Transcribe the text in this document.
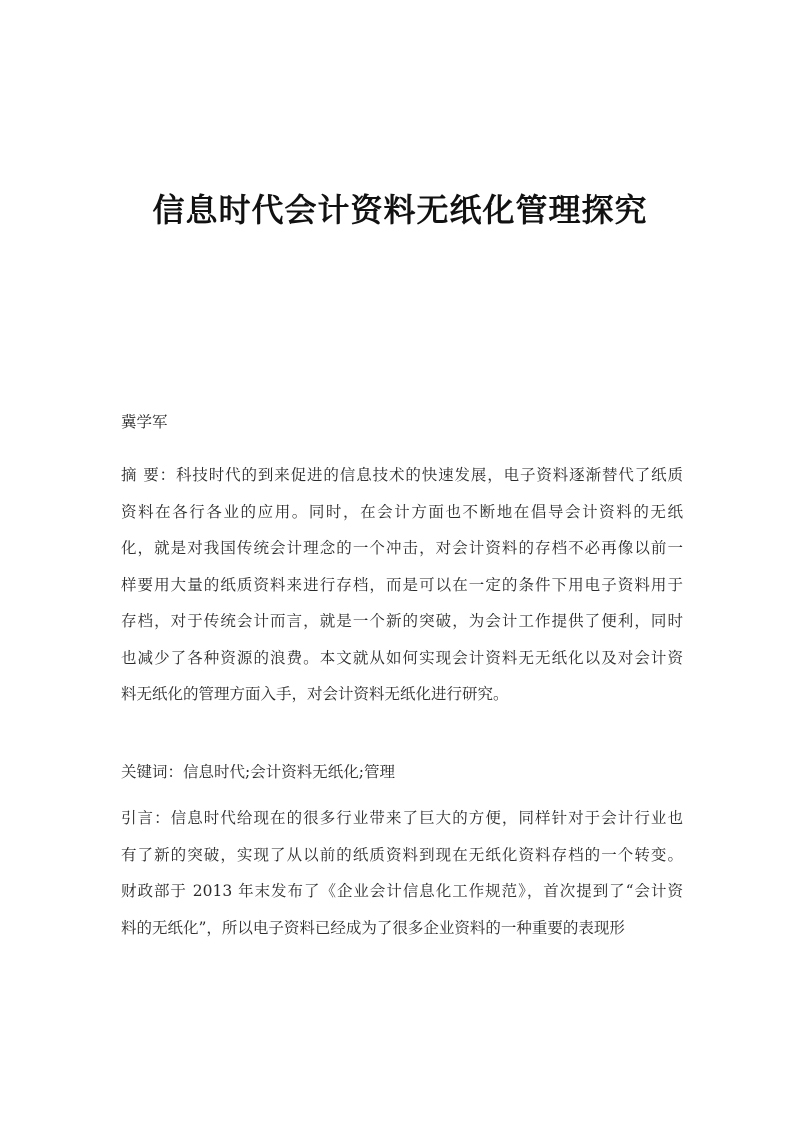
信息时代会计资料无纸化管理探究

冀学军

摘 要：科技时代的到来促进的信息技术的快速发展，电子资料逐渐替代了纸质
资料在各行各业的应用。同时，在会计方面也不断地在倡导会计资料的无纸
化，就是对我国传统会计理念的一个冲击，对会计资料的存档不必再像以前一
样要用大量的纸质资料来进行存档，而是可以在一定的条件下用电子资料用于
存档，对于传统会计而言，就是一个新的突破，为会计工作提供了便利，同时
也减少了各种资源的浪费。本文就从如何实现会计资料无无纸化以及对会计资
料无纸化的管理方面入手，对会计资料无纸化进行研究。

关键词：信息时代;会计资料无纸化;管理

引言：信息时代给现在的很多行业带来了巨大的方便，同样针对于会计行业也
有了新的突破，实现了从以前的纸质资料到现在无纸化资料存档的一个转变。
财政部于 2013 年末发布了《企业会计信息化工作规范》，首次提到了“会计资
料的无纸化”，所以电子资料已经成为了很多企业资料的一种重要的表现形
